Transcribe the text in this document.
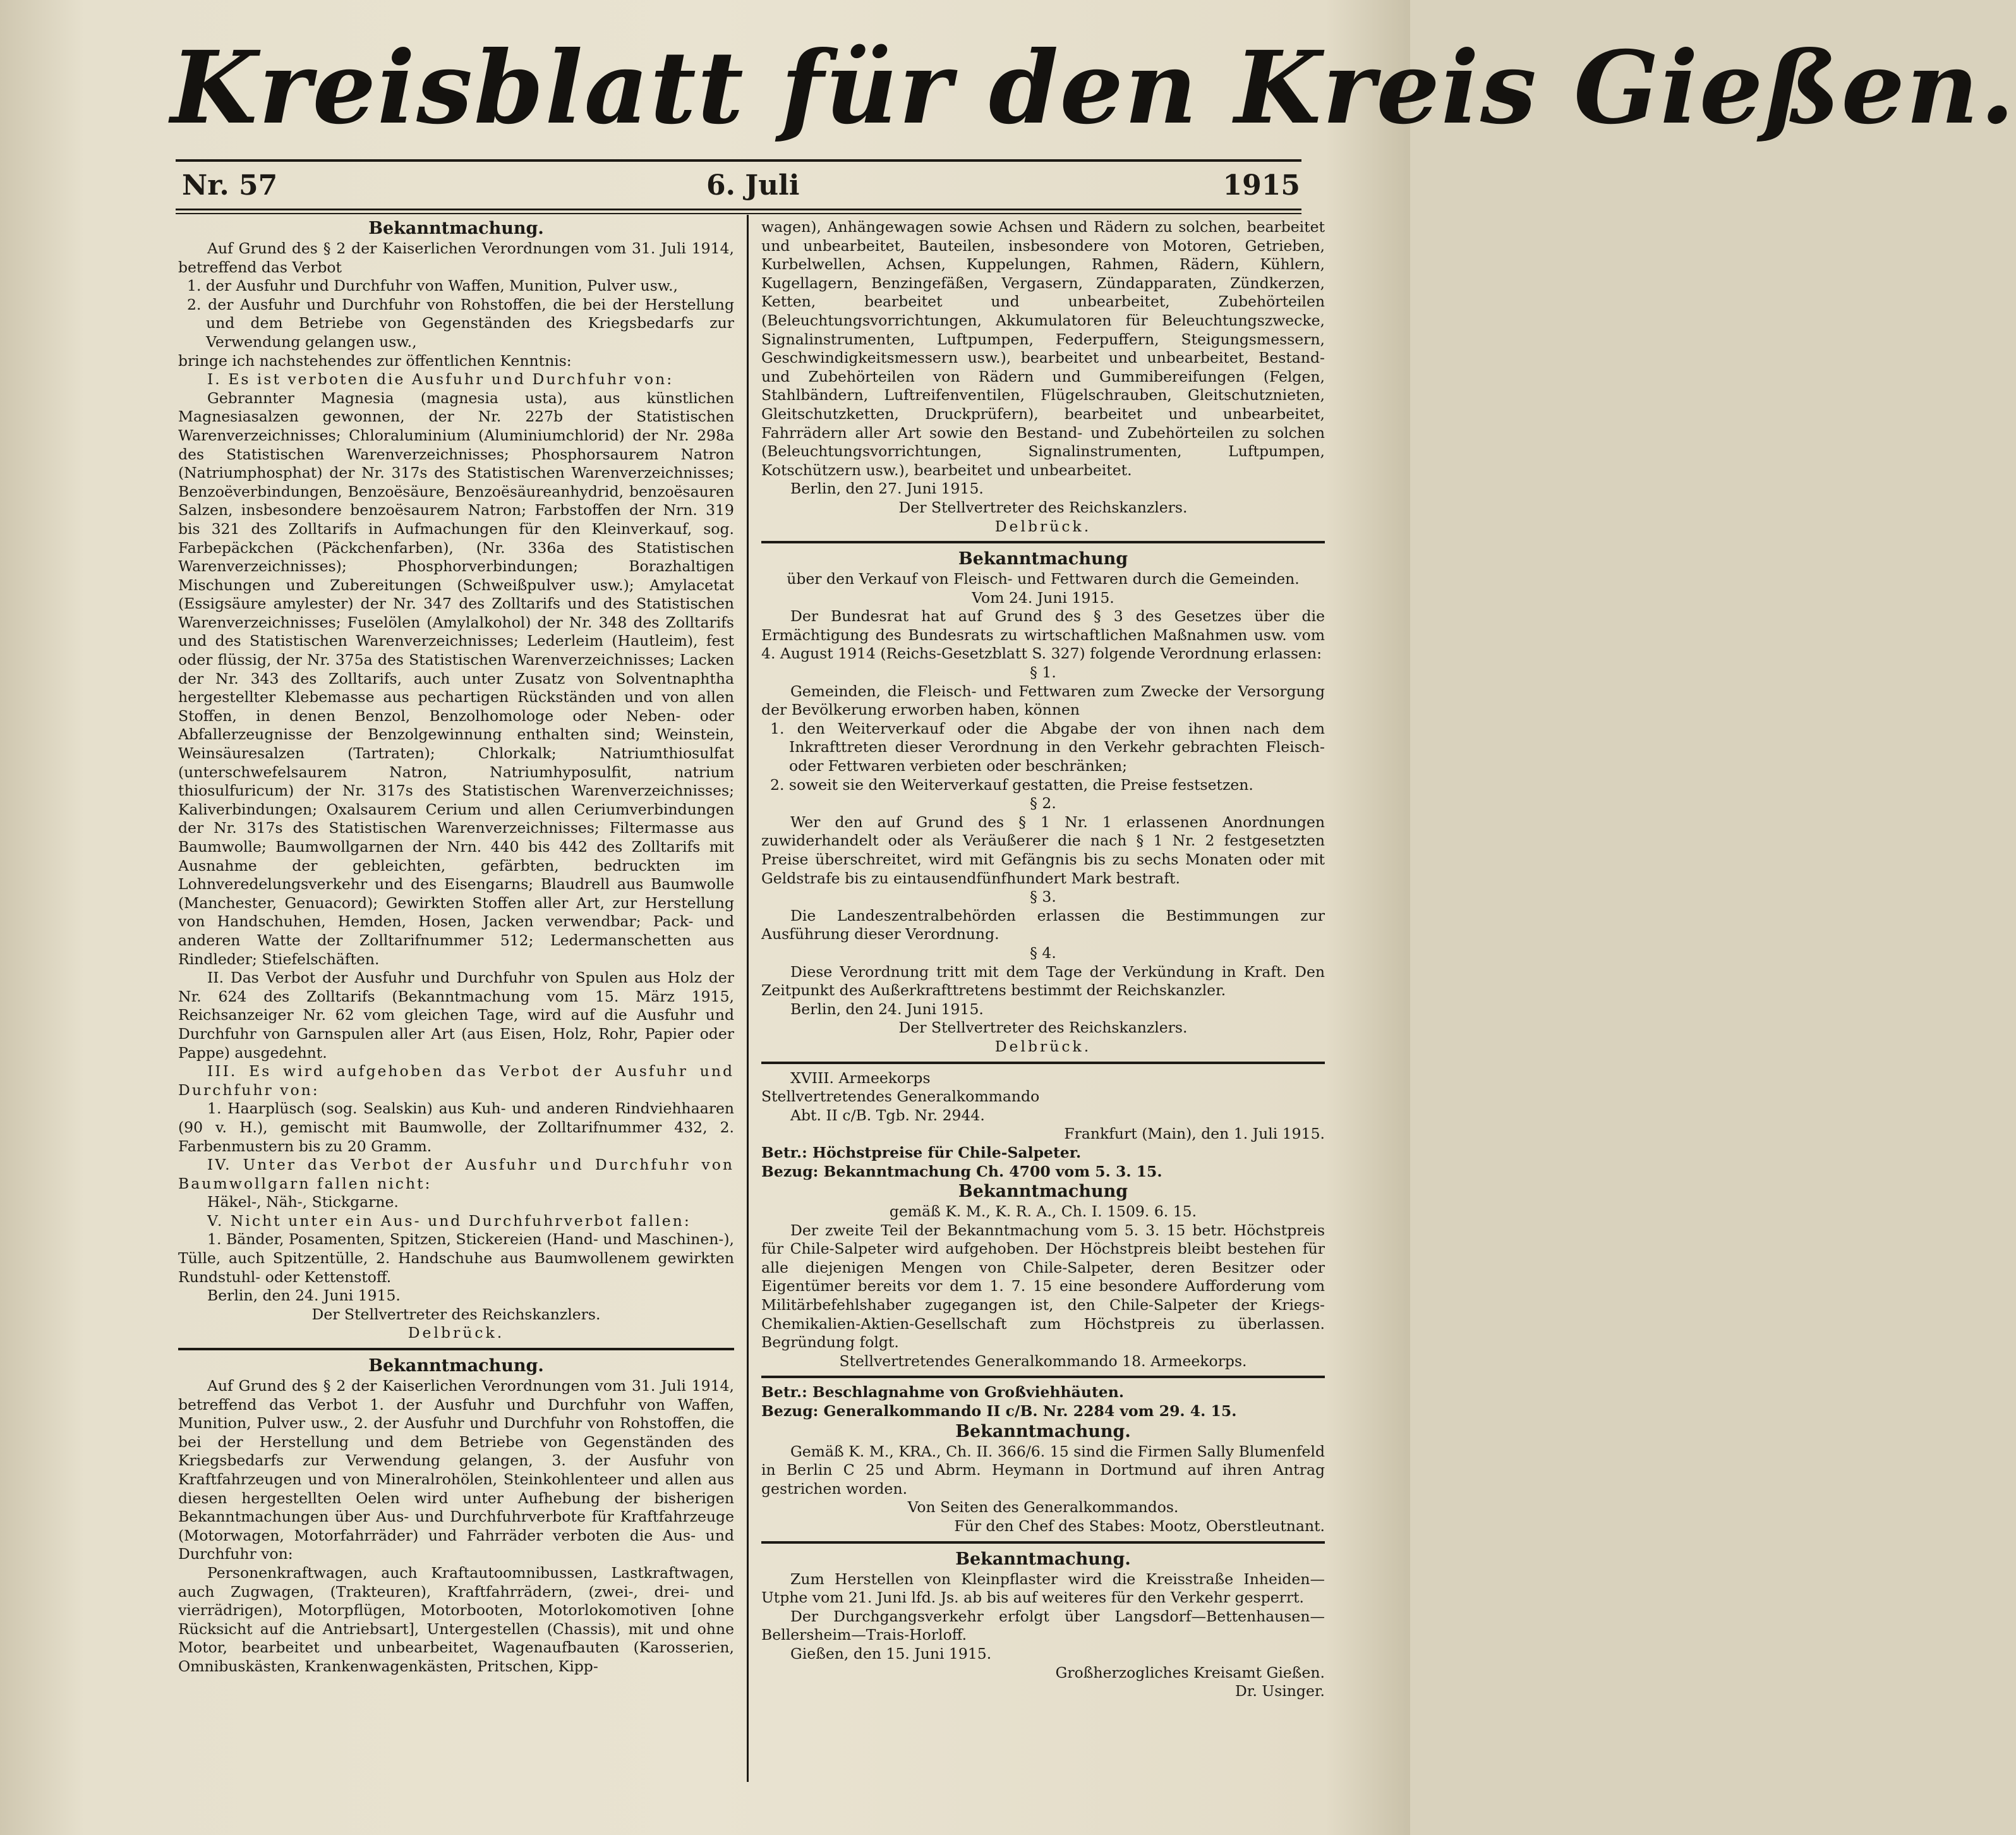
Kreisblatt für den Kreis Gießen.
Nr. 57	6. Juli	1915
Bekanntmachung.
Auf Grund des § 2 der Kaiserlichen Verordnungen vom 31. Juli 1914, betreffend das Verbot
1. der Ausfuhr und Durchfuhr von Waffen, Munition, Pulver usw.,
2. der Ausfuhr und Durchfuhr von Rohstoffen, die bei der Herstellung und dem Betriebe von Gegenständen des Kriegsbedarfs zur Verwendung gelangen usw.,
bringe ich nachstehendes zur öffentlichen Kenntnis:
I. Es ist verboten die Ausfuhr und Durchfuhr von:
Gebrannter Magnesia (magnesia usta), aus künstlichen Magnesiasalzen gewonnen, der Nr. 227b der Statistischen Warenverzeichnisses; Chloraluminium (Aluminiumchlorid) der Nr. 298a des Statistischen Warenverzeichnisses; Phosphorsaurem Natron (Natriumphosphat) der Nr. 317s des Statistischen Warenverzeichnisses; Benzoëverbindungen, Benzoësäure, Benzoësäureanhydrid, benzoësauren Salzen, insbesondere benzoësaurem Natron; Farbstoffen der Nrn. 319 bis 321 des Zolltarifs in Aufmachungen für den Kleinverkauf, sog. Farbepäckchen (Päckchenfarben), (Nr. 336a des Statistischen Warenverzeichnisses); Phosphorverbindungen; Borazhaltigen Mischungen und Zubereitungen (Schweißpulver usw.); Amylacetat (Essigsäure amylester) der Nr. 347 des Zolltarifs und des Statistischen Warenverzeichnisses; Fuselölen (Amylalkohol) der Nr. 348 des Zolltarifs und des Statistischen Warenverzeichnisses; Lederleim (Hautleim), fest oder flüssig, der Nr. 375a des Statistischen Warenverzeichnisses; Lacken der Nr. 343 des Zolltarifs, auch unter Zusatz von Solventnaphtha hergestellter Klebemasse aus pechartigen Rückständen und von allen Stoffen, in denen Benzol, Benzolhomologe oder Neben- oder Abfallerzeugnisse der Benzolgewinnung enthalten sind; Weinstein, Weinsäuresalzen (Tartraten); Chlorkalk; Natriumthiosulfat (unterschwefelsaurem Natron, Natriumhyposulfit, natrium thiosulfuricum) der Nr. 317s des Statistischen Warenverzeichnisses; Kaliverbindungen; Oxalsaurem Cerium und allen Ceriumverbindungen der Nr. 317s des Statistischen Warenverzeichnisses; Filtermasse aus Baumwolle; Baumwollgarnen der Nrn. 440 bis 442 des Zolltarifs mit Ausnahme der gebleichten, gefärbten, bedruckten im Lohnveredelungsverkehr und des Eisengarns; Blaudrell aus Baumwolle (Manchester, Genuacord); Gewirkten Stoffen aller Art, zur Herstellung von Handschuhen, Hemden, Hosen, Jacken verwendbar; Pack- und anderen Watte der Zolltarifnummer 512; Ledermanschetten aus Rindleder; Stiefelschäften.
II. Das Verbot der Ausfuhr und Durchfuhr von Spulen aus Holz der Nr. 624 des Zolltarifs (Bekanntmachung vom 15. März 1915, Reichsanzeiger Nr. 62 vom gleichen Tage, wird auf die Ausfuhr und Durchfuhr von Garnspulen aller Art (aus Eisen, Holz, Rohr, Papier oder Pappe) ausgedehnt.
III. Es wird aufgehoben das Verbot der Ausfuhr und Durchfuhr von:
1. Haarplüsch (sog. Sealskin) aus Kuh- und anderen Rindviehhaaren (90 v. H.), gemischt mit Baumwolle, der Zolltarifnummer 432, 2. Farbenmustern bis zu 20 Gramm.
IV. Unter das Verbot der Ausfuhr und Durchfuhr von Baumwollgarn fallen nicht:
Häkel-, Näh-, Stickgarne.
V. Nicht unter ein Aus- und Durchfuhrverbot fallen:
1. Bänder, Posamenten, Spitzen, Stickereien (Hand- und Maschinen-), Tülle, auch Spitzentülle, 2. Handschuhe aus Baumwollenem gewirkten Rundstuhl- oder Kettenstoff.
Berlin, den 24. Juni 1915.
Der Stellvertreter des Reichskanzlers.
Delbrück.
Bekanntmachung.
Auf Grund des § 2 der Kaiserlichen Verordnungen vom 31. Juli 1914, betreffend das Verbot 1. der Ausfuhr und Durchfuhr von Waffen, Munition, Pulver usw., 2. der Ausfuhr und Durchfuhr von Rohstoffen, die bei der Herstellung und dem Betriebe von Gegenständen des Kriegsbedarfs zur Verwendung gelangen, 3. der Ausfuhr von Kraftfahrzeugen und von Mineralrohölen, Steinkohlenteer und allen aus diesen hergestellten Oelen wird unter Aufhebung der bisherigen Bekanntmachungen über Aus- und Durchfuhrverbote für Kraftfahrzeuge (Motorwagen, Motorfahrräder) und Fahrräder verboten die Aus- und Durchfuhr von:
Personenkraftwagen, auch Kraftautoomnibussen, Lastkraftwagen, auch Zugwagen, (Trakteuren), Kraftfahrrädern, (zwei-, drei- und vierrädrigen), Motorpflügen, Motorbooten, Motorlokomotiven [ohne Rücksicht auf die Antriebsart], Untergestellen (Chassis), mit und ohne Motor, bearbeitet und unbearbeitet, Wagenaufbauten (Karosserien, Omnibuskästen, Krankenwagenkästen, Pritschen, Kipp-
wagen), Anhängewagen sowie Achsen und Rädern zu solchen, bearbeitet und unbearbeitet, Bauteilen, insbesondere von Motoren, Getrieben, Kurbelwellen, Achsen, Kuppelungen, Rahmen, Rädern, Kühlern, Kugellagern, Benzingefäßen, Vergasern, Zündapparaten, Zündkerzen, Ketten, bearbeitet und unbearbeitet, Zubehörteilen (Beleuchtungsvorrichtungen, Akkumulatoren für Beleuchtungszwecke, Signalinstrumenten, Luftpumpen, Federpuffern, Steigungsmessern, Geschwindigkeitsmessern usw.), bearbeitet und unbearbeitet, Bestand- und Zubehörteilen von Rädern und Gummibereifungen (Felgen, Stahlbändern, Luftreifenventilen, Flügelschrauben, Gleitschutznieten, Gleitschutzketten, Druckprüfern), bearbeitet und unbearbeitet, Fahrrädern aller Art sowie den Bestand- und Zubehörteilen zu solchen (Beleuchtungsvorrichtungen, Signalinstrumenten, Luftpumpen, Kotschützern usw.), bearbeitet und unbearbeitet.
Berlin, den 27. Juni 1915.
Der Stellvertreter des Reichskanzlers.
Delbrück.
Bekanntmachung
über den Verkauf von Fleisch- und Fettwaren durch die Gemeinden.
Vom 24. Juni 1915.
Der Bundesrat hat auf Grund des § 3 des Gesetzes über die Ermächtigung des Bundesrats zu wirtschaftlichen Maßnahmen usw. vom 4. August 1914 (Reichs-Gesetzblatt S. 327) folgende Verordnung erlassen:
§ 1.
Gemeinden, die Fleisch- und Fettwaren zum Zwecke der Versorgung der Bevölkerung erworben haben, können
1. den Weiterverkauf oder die Abgabe der von ihnen nach dem Inkrafttreten dieser Verordnung in den Verkehr gebrachten Fleisch- oder Fettwaren verbieten oder beschränken;
2. soweit sie den Weiterverkauf gestatten, die Preise festsetzen.
§ 2.
Wer den auf Grund des § 1 Nr. 1 erlassenen Anordnungen zuwiderhandelt oder als Veräußerer die nach § 1 Nr. 2 festgesetzten Preise überschreitet, wird mit Gefängnis bis zu sechs Monaten oder mit Geldstrafe bis zu eintausendfünfhundert Mark bestraft.
§ 3.
Die Landeszentralbehörden erlassen die Bestimmungen zur Ausführung dieser Verordnung.
§ 4.
Diese Verordnung tritt mit dem Tage der Verkündung in Kraft. Den Zeitpunkt des Außerkrafttretens bestimmt der Reichskanzler.
Berlin, den 24. Juni 1915.
Der Stellvertreter des Reichskanzlers.
Delbrück.
XVIII. Armeekorps
Stellvertretendes Generalkommando
Abt. II c/B. Tgb. Nr. 2944.
Frankfurt (Main), den 1. Juli 1915.
Betr.: Höchstpreise für Chile-Salpeter.
Bezug: Bekanntmachung Ch. 4700 vom 5. 3. 15.
Bekanntmachung
gemäß K. M., K. R. A., Ch. I. 1509. 6. 15.
Der zweite Teil der Bekanntmachung vom 5. 3. 15 betr. Höchstpreis für Chile-Salpeter wird aufgehoben. Der Höchstpreis bleibt bestehen für alle diejenigen Mengen von Chile-Salpeter, deren Besitzer oder Eigentümer bereits vor dem 1. 7. 15 eine besondere Aufforderung vom Militärbefehlshaber zugegangen ist, den Chile-Salpeter der Kriegs-Chemikalien-Aktien-Gesellschaft zum Höchstpreis zu überlassen. Begründung folgt.
Stellvertretendes Generalkommando 18. Armeekorps.
Betr.: Beschlagnahme von Großviehhäuten.
Bezug: Generalkommando II c/B. Nr. 2284 vom 29. 4. 15.
Bekanntmachung.
Gemäß K. M., KRA., Ch. II. 366/6. 15 sind die Firmen Sally Blumenfeld in Berlin C 25 und Abrm. Heymann in Dortmund auf ihren Antrag gestrichen worden.
Von Seiten des Generalkommandos.
Für den Chef des Stabes: Mootz, Oberstleutnant.
Bekanntmachung.
Zum Herstellen von Kleinpflaster wird die Kreisstraße Inheiden—Utphe vom 21. Juni lfd. Js. ab bis auf weiteres für den Verkehr gesperrt.
Der Durchgangsverkehr erfolgt über Langsdorf—Bettenhausen—Bellersheim—Trais-Horloff.
Gießen, den 15. Juni 1915.
Großherzogliches Kreisamt Gießen.
Dr. Usinger.
